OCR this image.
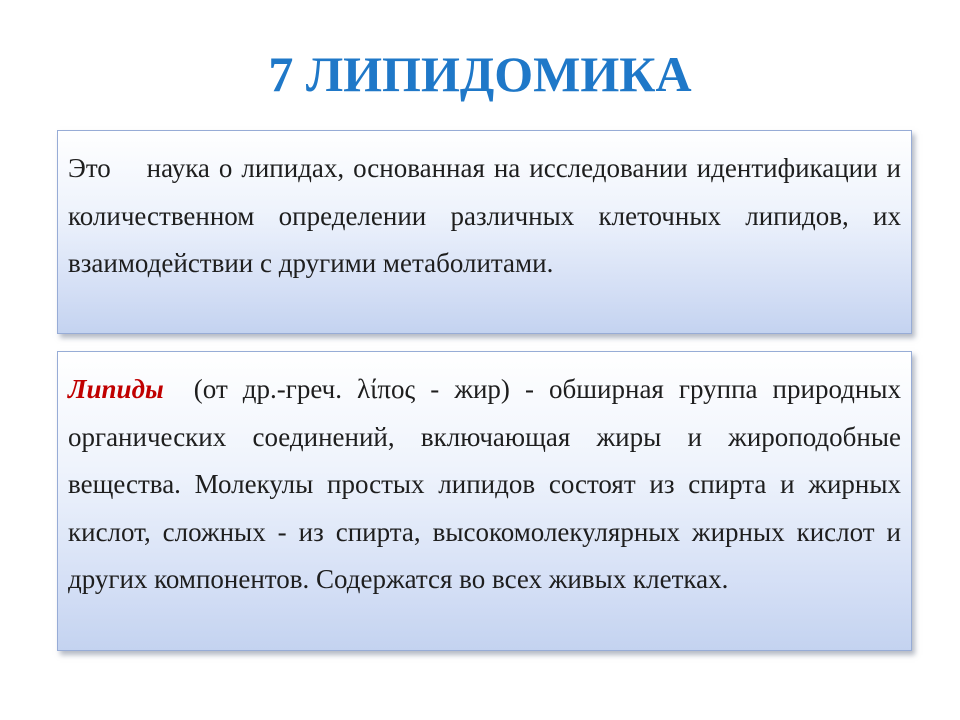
7 ЛИПИДОМИКА

Это    наука о липидах, основанная на исследовании идентификации и количественном определении различных клеточных липидов, их взаимодействии с другими метаболитами.

Липиды  (от др.-греч. λίπος - жир) - обширная группа природных органических соединений, включающая жиры и жироподобные вещества. Молекулы простых липидов состоят из спирта и жирных кислот, сложных - из спирта, высокомолекулярных жирных кислот и других компонентов. Содержатся во всех живых клетках.
